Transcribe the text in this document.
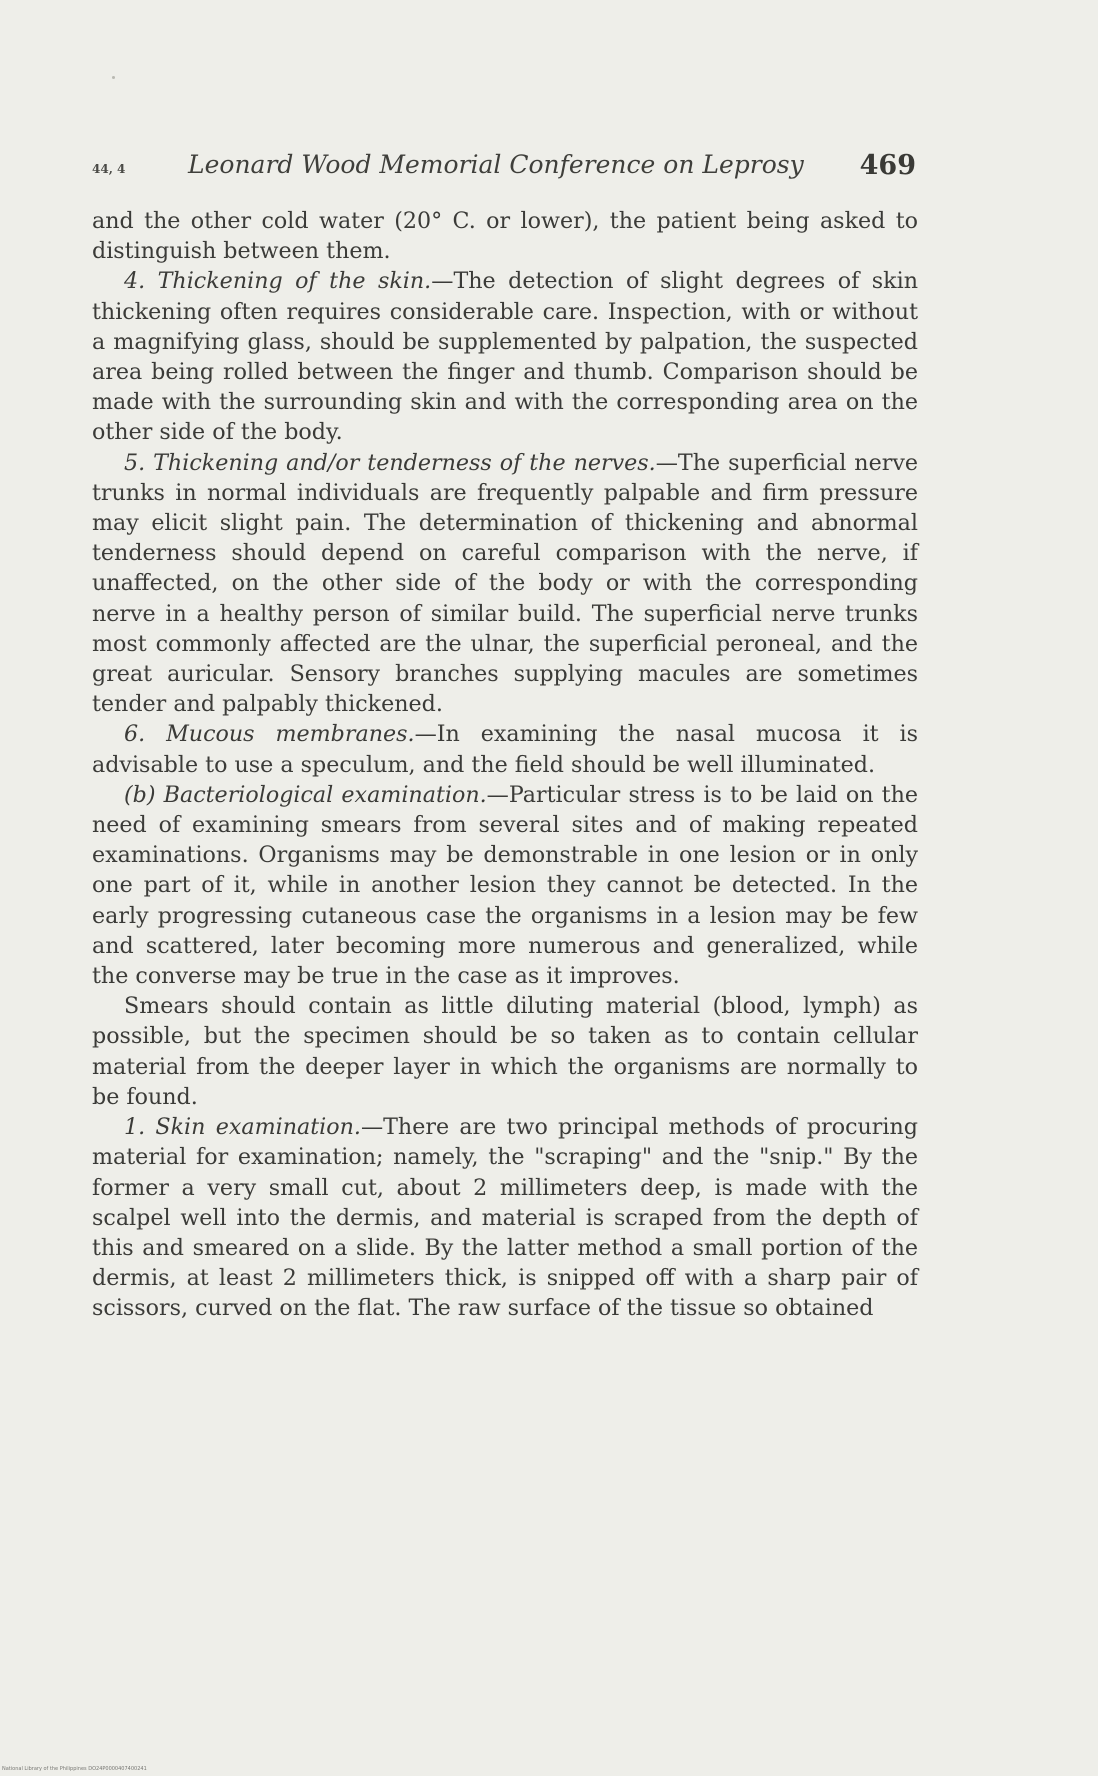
44, 4	Leonard Wood Memorial Conference on Leprosy 469

and the other cold water (20° C. or lower), the patient being asked to distinguish between them.

4. Thickening of the skin.—The detection of slight degrees of skin thickening often requires considerable care. Inspection, with or without a magnifying glass, should be supplemented by palpation, the suspected area being rolled between the finger and thumb. Comparison should be made with the surrounding skin and with the corresponding area on the other side of the body.

5. Thickening and/or tenderness of the nerves.—The superficial nerve trunks in normal individuals are frequently palpable and firm pressure may elicit slight pain. The determination of thickening and abnormal tenderness should depend on careful comparison with the nerve, if unaffected, on the other side of the body or with the corresponding nerve in a healthy person of similar build. The superficial nerve trunks most commonly affected are the ulnar, the superficial peroneal, and the great auricular. Sensory branches supplying macules are sometimes tender and palpably thickened.

6. Mucous membranes.—In examining the nasal mucosa it is advisable to use a speculum, and the field should be well illuminated.

(b) Bacteriological examination.—Particular stress is to be laid on the need of examining smears from several sites and of making repeated examinations. Organisms may be demonstrable in one lesion or in only one part of it, while in another lesion they cannot be detected. In the early progressing cutaneous case the organisms in a lesion may be few and scattered, later becoming more numerous and generalized, while the converse may be true in the case as it improves.

Smears should contain as little diluting material (blood, lymph) as possible, but the specimen should be so taken as to contain cellular material from the deeper layer in which the organisms are normally to be found.

1. Skin examination.—There are two principal methods of procuring material for examination; namely, the "scraping" and the "snip." By the former a very small cut, about 2 millimeters deep, is made with the scalpel well into the dermis, and material is scraped from the depth of this and smeared on a slide. By the latter method a small portion of the dermis, at least 2 millimeters thick, is snipped off with a sharp pair of scissors, curved on the flat. The raw surface of the tissue so obtained

National Library of the Philippines DO24P0000407400241
